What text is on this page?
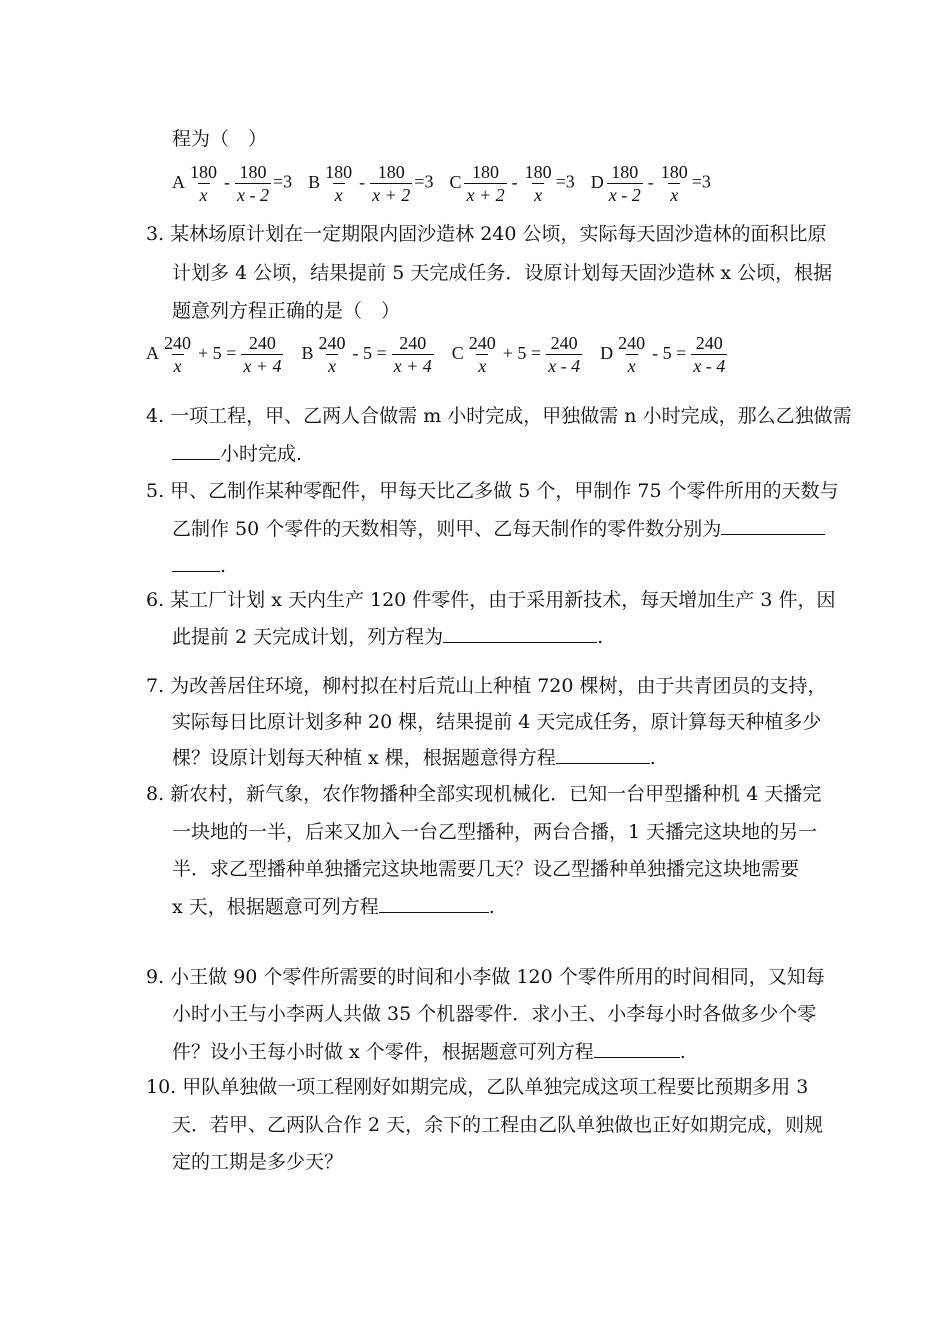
程为（　）
A $\frac{180}{x} - \frac{180}{x - 2} =3$ B $\frac{180}{x} - \frac{180}{x + 2} =3$ C $\frac{180}{x + 2} - \frac{180}{x} =3$ D $\frac{180}{x - 2} - \frac{180}{x} =3$
3. 某林场原计划在一定期限内固沙造林 240 公顷，实际每天固沙造林的面积比原
计划多 4 公顷，结果提前 5 天完成任务．设原计划每天固沙造林 x 公顷，根据
题意列方程正确的是（　）
A $\frac{240}{x} + 5 = \frac{240}{x + 4}$ B $\frac{240}{x} - 5 = \frac{240}{x + 4}$ C $\frac{240}{x} + 5 = \frac{240}{x - 4}$ D $\frac{240}{x} - 5 = \frac{240}{x - 4}$
4. 一项工程，甲、乙两人合做需 m 小时完成，甲独做需 n 小时完成，那么乙独做需
小时完成.
5. 甲、乙制作某种零配件，甲每天比乙多做 5 个，甲制作 75 个零件所用的天数与
乙制作 50 个零件的天数相等，则甲、乙每天制作的零件数分别为
.
6. 某工厂计划 x 天内生产 120 件零件，由于采用新技术，每天增加生产 3 件，因
此提前 2 天完成计划，列方程为	.
7. 为改善居住环境，柳村拟在村后荒山上种植 720 棵树，由于共青团员的支持，
实际每日比原计划多种 20 棵，结果提前 4 天完成任务，原计算每天种植多少
棵？设原计划每天种植 x 棵，根据题意得方程	.
8. 新农村，新气象，农作物播种全部实现机械化．已知一台甲型播种机 4 天播完
一块地的一半，后来又加入一台乙型播种，两台合播，1 天播完这块地的另一
半．求乙型播种单独播完这块地需要几天？设乙型播种单独播完这块地需要
x 天，根据题意可列方程	.
9. 小王做 90 个零件所需要的时间和小李做 120 个零件所用的时间相同，又知每
小时小王与小李两人共做 35 个机器零件．求小王、小李每小时各做多少个零
件？设小王每小时做 x 个零件，根据题意可列方程	.
10. 甲队单独做一项工程刚好如期完成，乙队单独完成这项工程要比预期多用 3
天．若甲、乙两队合作 2 天，余下的工程由乙队单独做也正好如期完成，则规
定的工期是多少天？
